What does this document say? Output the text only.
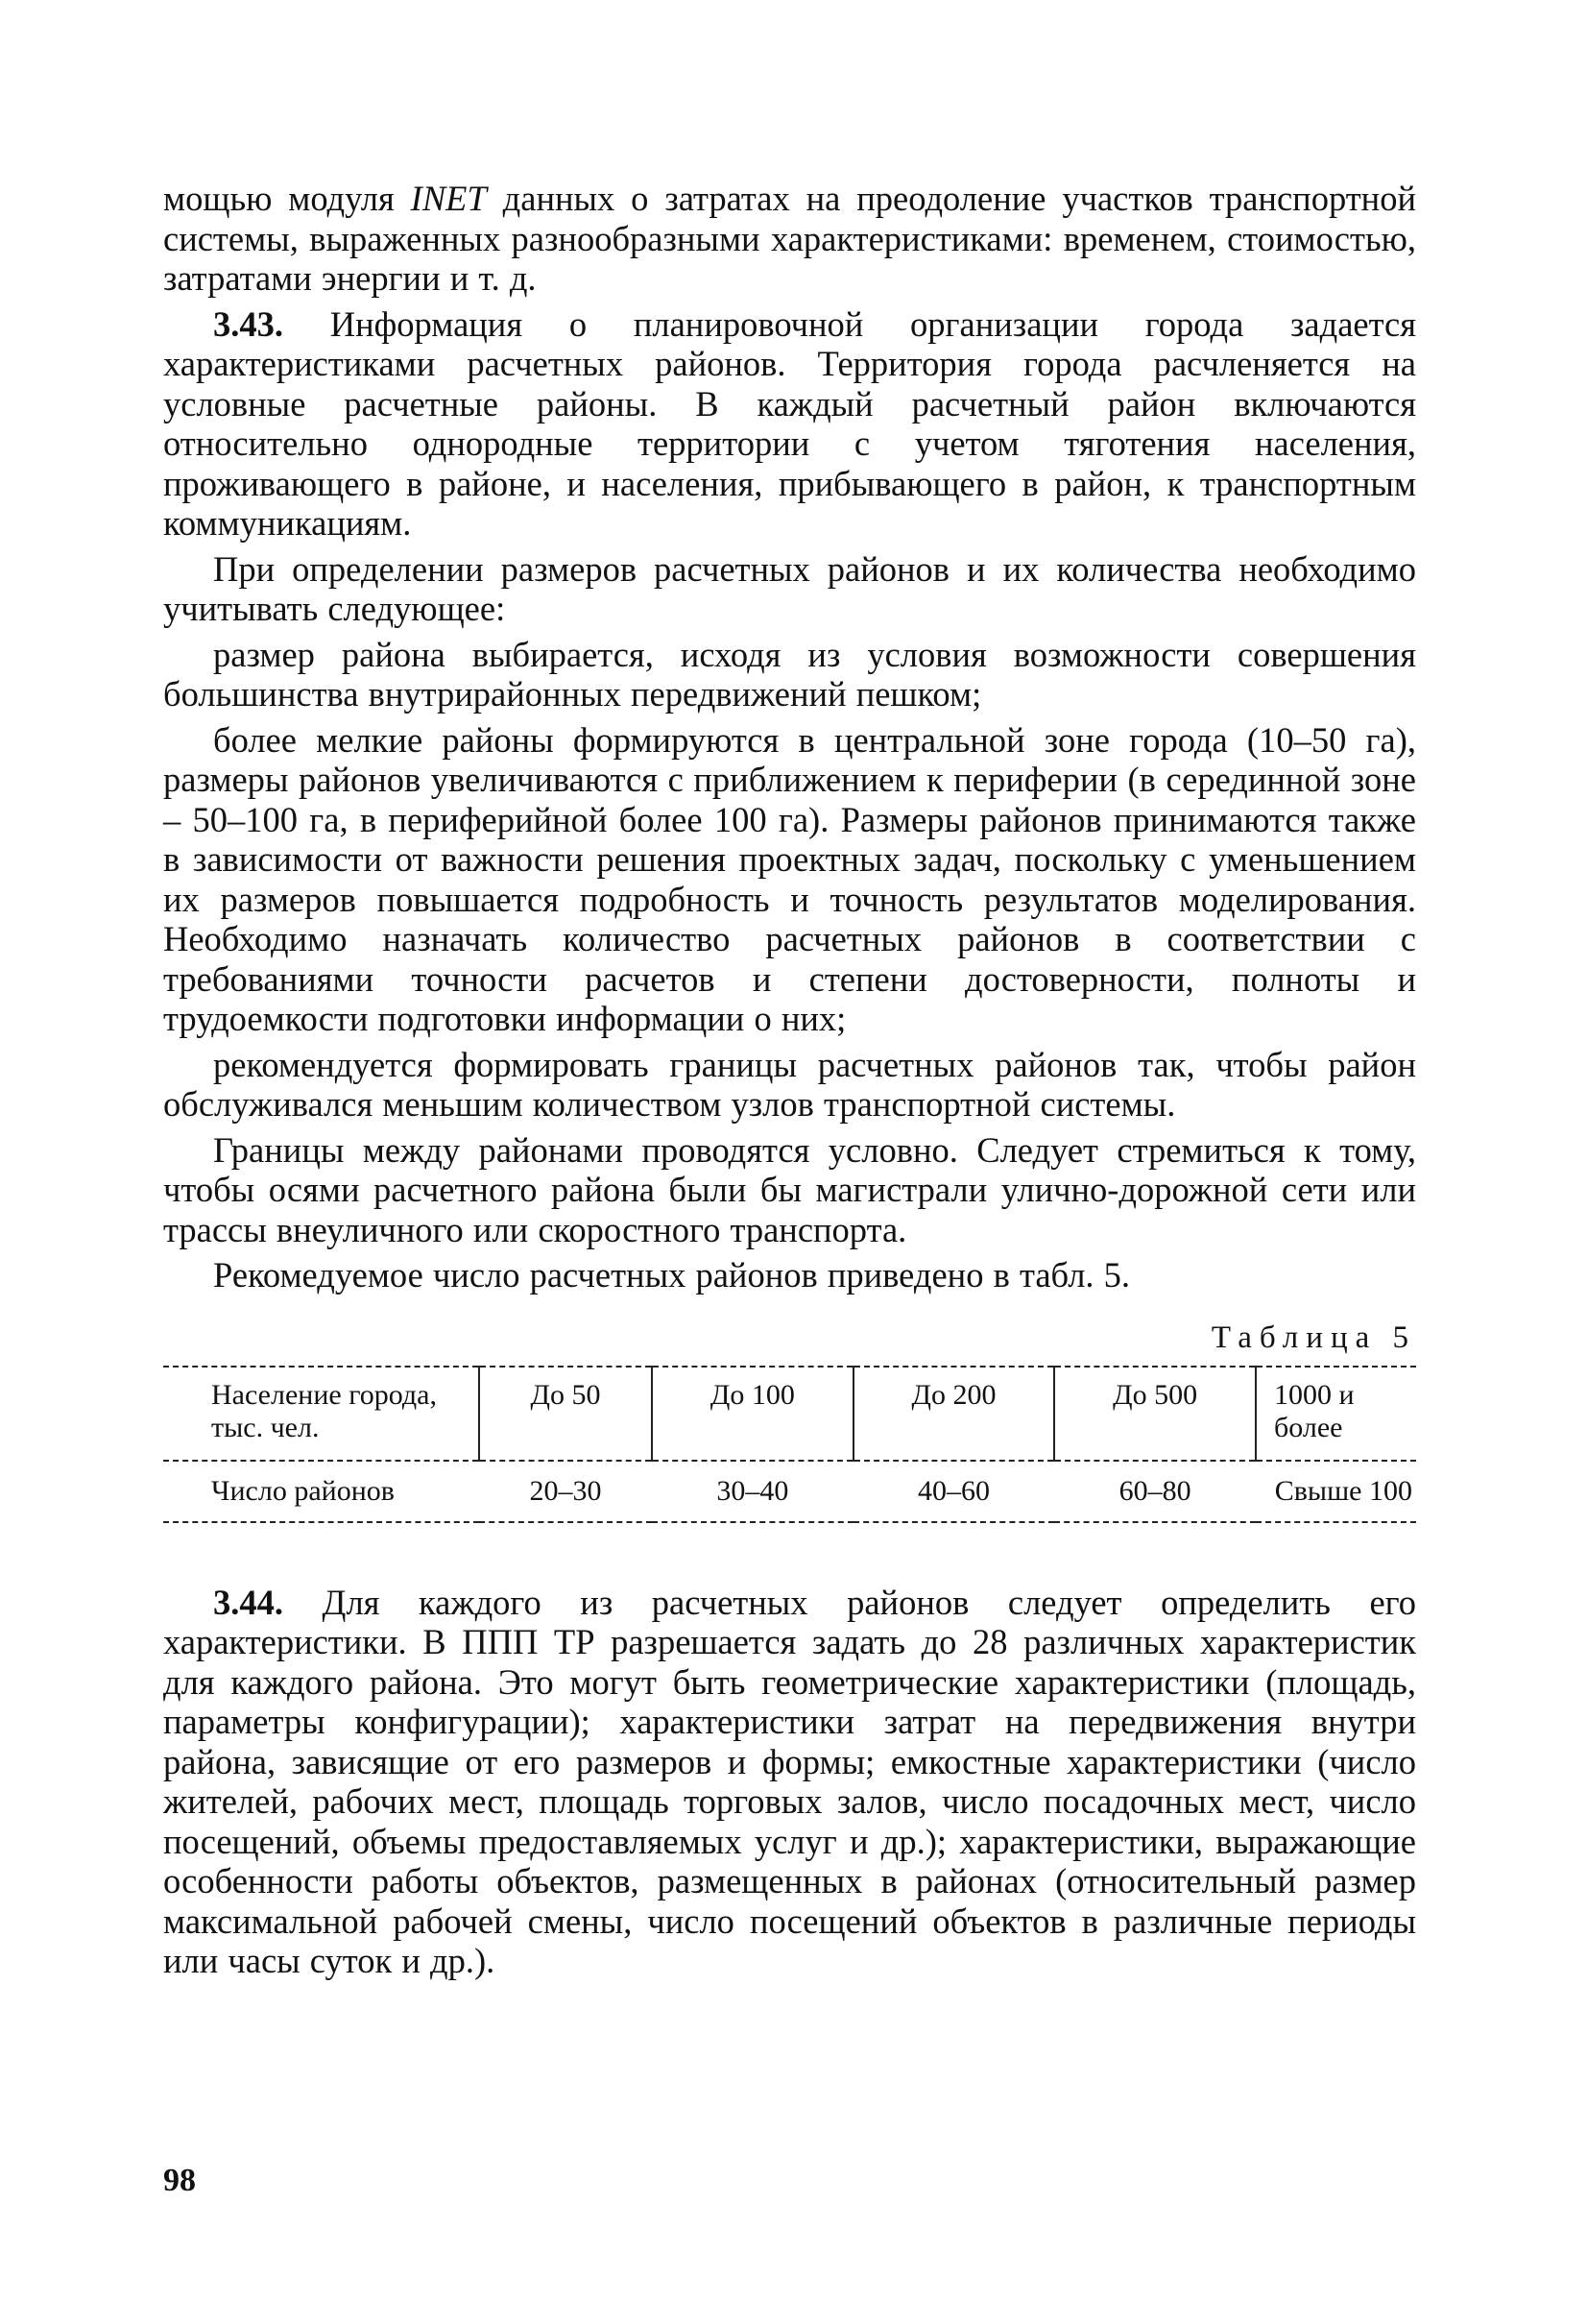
мощью модуля INET данных о затратах на преодоление участков транспортной системы, выраженных разнообразными характеристиками: временем, стоимостью, затратами энергии и т. д.

3.43. Информация о планировочной организации города задается характеристиками расчетных районов. Территория города расчленяется на условные расчетные районы. В каждый расчетный район включаются относительно однородные территории с учетом тяготения населения, проживающего в районе, и населения, прибывающего в район, к транспортным коммуникациям.

При определении размеров расчетных районов и их количества необходимо учитывать следующее:

размер района выбирается, исходя из условия возможности совершения большинства внутрирайонных передвижений пешком;

более мелкие районы формируются в центральной зоне города (10–50 га), размеры районов увеличиваются с приближением к периферии (в серединной зоне – 50–100 га, в периферийной более 100 га). Размеры районов принимаются также в зависимости от важности решения проектных задач, поскольку с уменьшением их размеров повышается подробность и точность результатов моделирования. Необходимо назначать количество расчетных районов в соответствии с требованиями точности расчетов и степени достоверности, полноты и трудоемкости подготовки информации о них;

рекомендуется формировать границы расчетных районов так, чтобы район обслуживался меньшим количеством узлов транспортной системы.

Границы между районами проводятся условно. Следует стремиться к тому, чтобы осями расчетного района были бы магистрали улично-дорожной сети или трассы внеуличного или скоростного транспорта.

Рекомедуемое число расчетных районов приведено в табл. 5.

Таблица 5
Население города, тыс. чел.	До 50	До 100	До 200	До 500	1000 и более
Число районов	20–30	30–40	40–60	60–80	Свыше 100

3.44. Для каждого из расчетных районов следует определить его характеристики. В ППП ТР разрешается задать до 28 различных характеристик для каждого района. Это могут быть геометрические характеристики (площадь, параметры конфигурации); характеристики затрат на передвижения внутри района, зависящие от его размеров и формы; емкостные характеристики (число жителей, рабочих мест, площадь торговых залов, число посадочных мест, число посещений, объемы предоставляемых услуг и др.); характеристики, выражающие особенности работы объектов, размещенных в районах (относительный размер максимальной рабочей смены, число посещений объектов в различные периоды или часы суток и др.).

98
